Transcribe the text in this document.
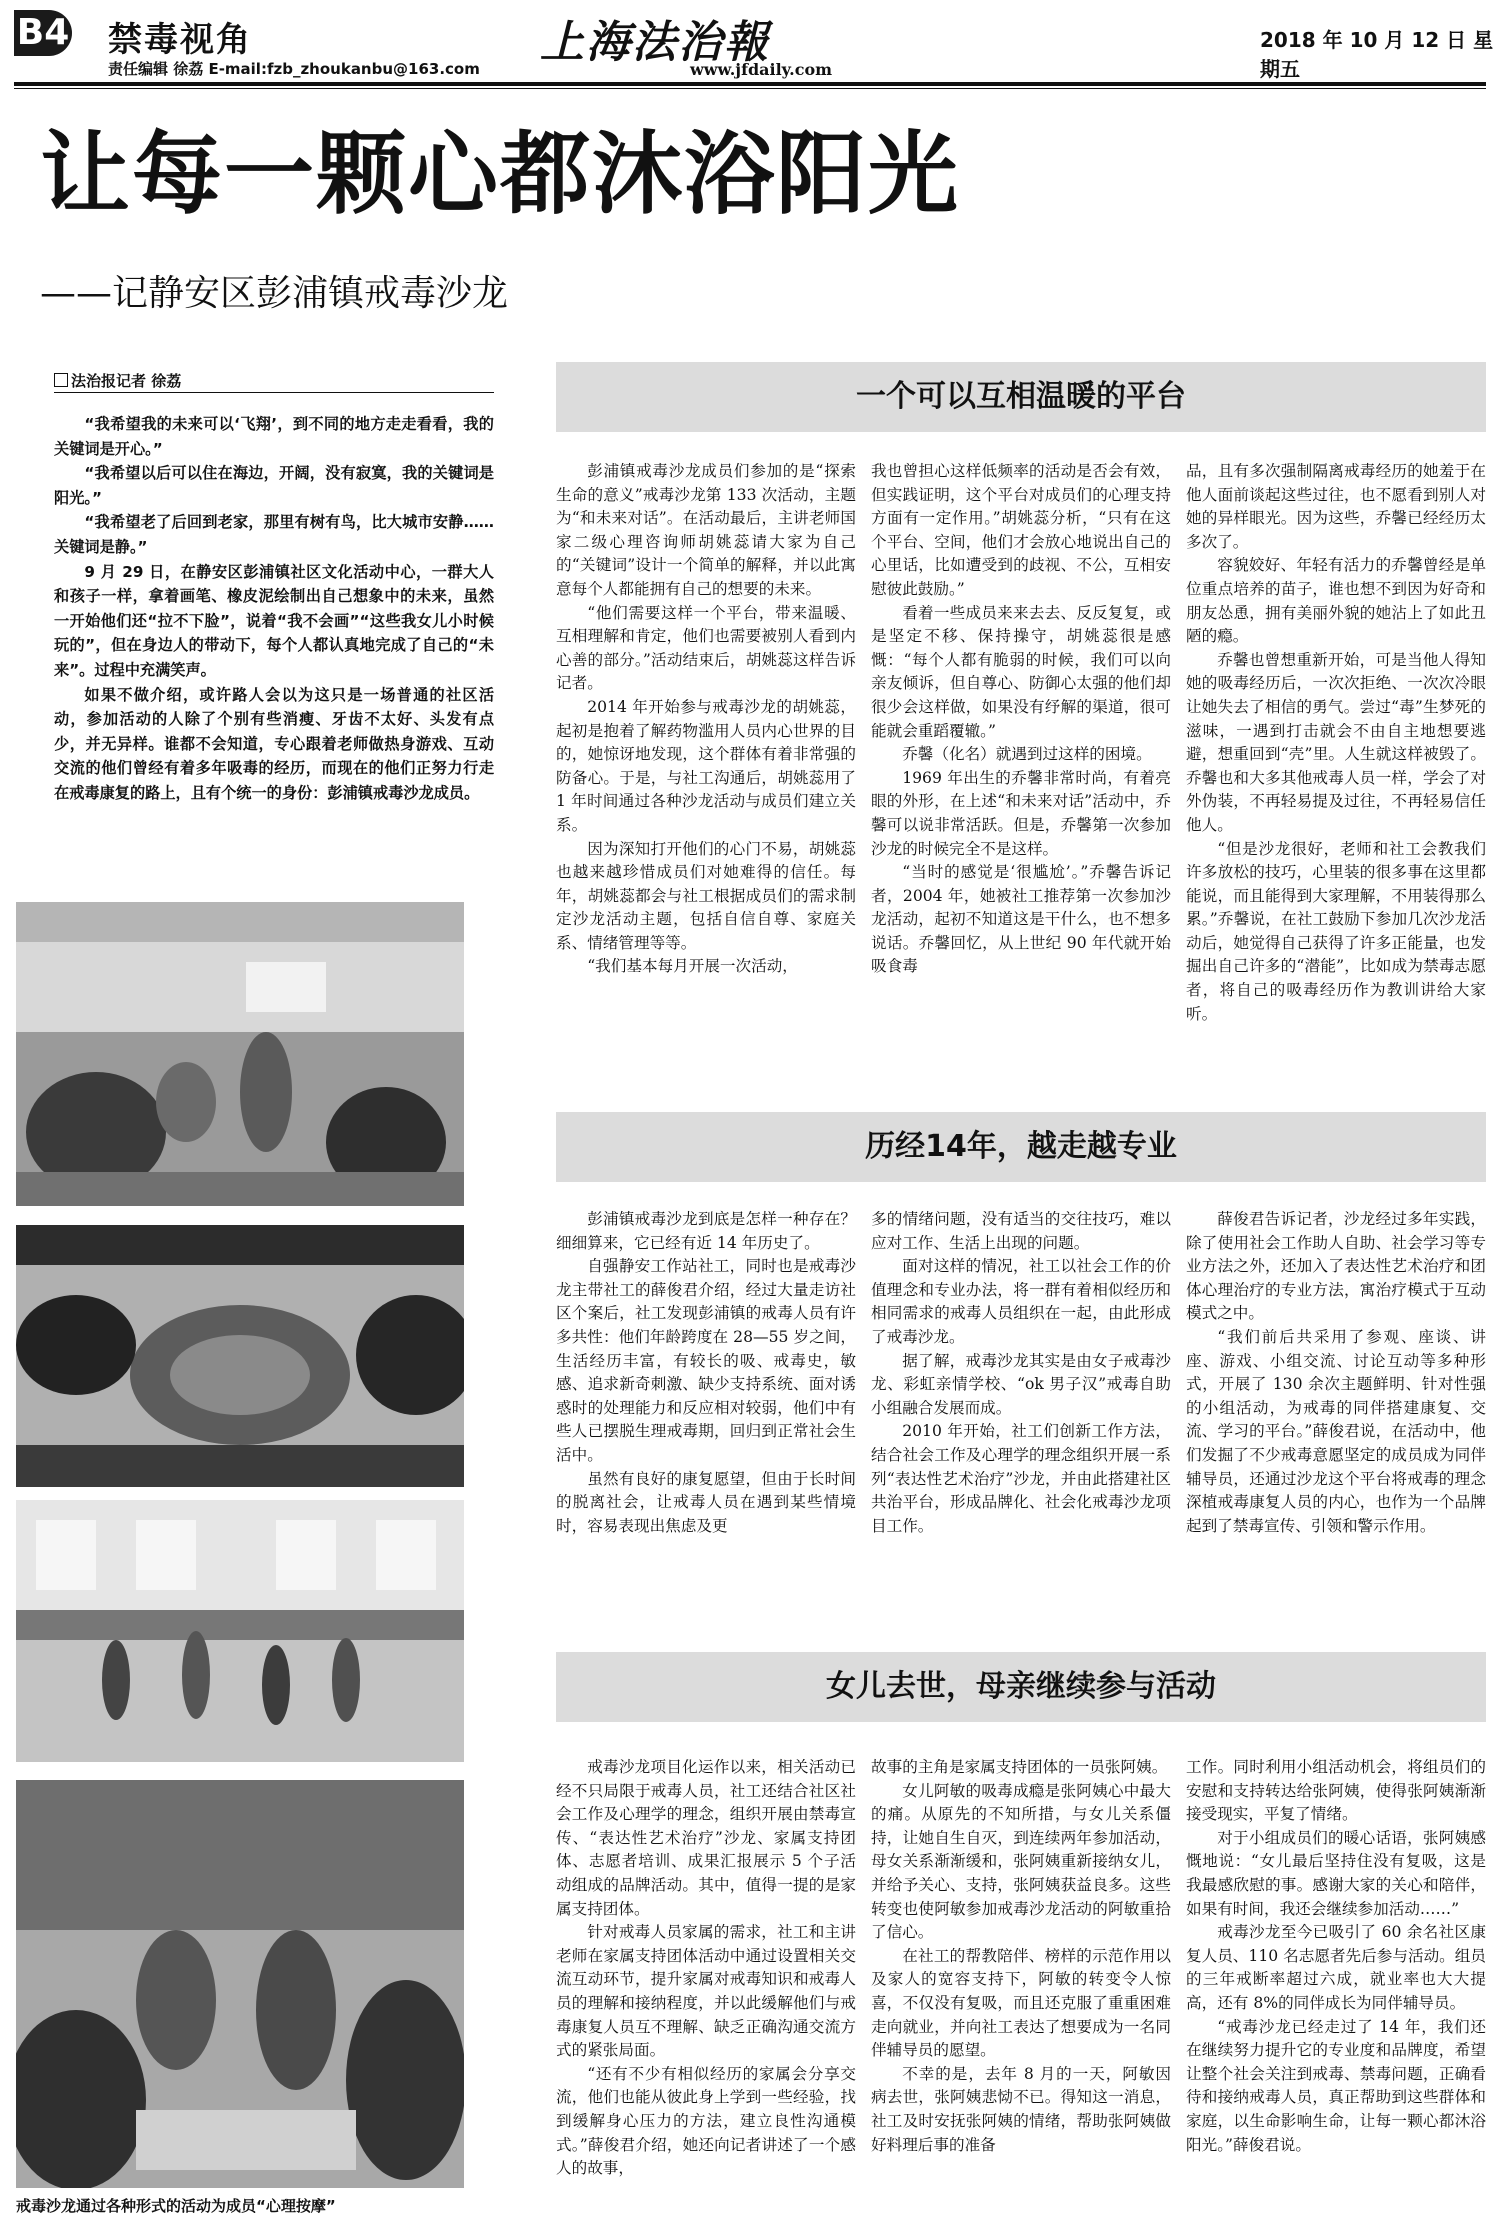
B4 禁毒视角
责任编辑 徐荔 E-mail:fzb_zhoukanbu@163.com
上海法治報
www.jfdaily.com
2018 年 10 月 12 日 星期五
让每一颗心都沐浴阳光
——记静安区彭浦镇戒毒沙龙
法治报记者 徐荔

“我希望我的未来可以‘飞翔’，到不同的地方走走看看，我的关键词是开心。”

“我希望以后可以住在海边，开阔，没有寂寞，我的关键词是阳光。”

“我希望老了后回到老家，那里有树有鸟，比大城市安静……关键词是静。”

9 月 29 日，在静安区彭浦镇社区文化活动中心，一群大人和孩子一样，拿着画笔、橡皮泥绘制出自己想象中的未来，虽然一开始他们还“拉不下脸”，说着“我不会画”“这些我女儿小时候玩的”，但在身边人的带动下，每个人都认真地完成了自己的“未来”。过程中充满笑声。

如果不做介绍，或许路人会以为这只是一场普通的社区活动，参加活动的人除了个别有些消瘦、牙齿不太好、头发有点少，并无异样。谁都不会知道，专心跟着老师做热身游戏、互动交流的他们曾经有着多年吸毒的经历，而现在的他们正努力行走在戒毒康复的路上，且有个统一的身份：彭浦镇戒毒沙龙成员。

戒毒沙龙通过各种形式的活动为成员“心理按摩”
一个可以互相温暖的平台

彭浦镇戒毒沙龙成员们参加的是“探索生命的意义”戒毒沙龙第 133 次活动，主题为“和未来对话”。在活动最后，主讲老师国家二级心理咨询师胡姚蕊请大家为自己的“关键词”设计一个简单的解释，并以此寓意每个人都能拥有自己的想要的未来。

“他们需要这样一个平台，带来温暖、互相理解和肯定，他们也需要被别人看到内心善的部分。”活动结束后，胡姚蕊这样告诉记者。

2014 年开始参与戒毒沙龙的胡姚蕊，起初是抱着了解药物滥用人员内心世界的目的，她惊讶地发现，这个群体有着非常强的防备心。于是，与社工沟通后，胡姚蕊用了 1 年时间通过各种沙龙活动与成员们建立关系。

因为深知打开他们的心门不易，胡姚蕊也越来越珍惜成员们对她难得的信任。每年，胡姚蕊都会与社工根据成员们的需求制定沙龙活动主题，包括自信自尊、家庭关系、情绪管理等等。

“我们基本每月开展一次活动，

我也曾担心这样低频率的活动是否会有效，但实践证明，这个平台对成员们的心理支持方面有一定作用。”胡姚蕊分析，“只有在这个平台、空间，他们才会放心地说出自己的心里话，比如遭受到的歧视、不公，互相安慰彼此鼓励。”

看着一些成员来来去去、反反复复，或是坚定不移、保持操守，胡姚蕊很是感慨：“每个人都有脆弱的时候，我们可以向亲友倾诉，但自尊心、防御心太强的他们却很少会这样做，如果没有纾解的渠道，很可能就会重蹈覆辙。”

乔馨（化名）就遇到过这样的困境。

1969 年出生的乔馨非常时尚，有着亮眼的外形，在上述“和未来对话”活动中，乔馨可以说非常活跃。但是，乔馨第一次参加沙龙的时候完全不是这样。

“当时的感觉是‘很尴尬’。”乔馨告诉记者，2004 年，她被社工推荐第一次参加沙龙活动，起初不知道这是干什么，也不想多说话。乔馨回忆，从上世纪 90 年代就开始吸食毒

品，且有多次强制隔离戒毒经历的她羞于在他人面前谈起这些过往，也不愿看到别人对她的异样眼光。因为这些，乔馨已经经历太多次了。

容貌姣好、年轻有活力的乔馨曾经是单位重点培养的苗子，谁也想不到因为好奇和朋友怂恿，拥有美丽外貌的她沾上了如此丑陋的瘾。

乔馨也曾想重新开始，可是当他人得知她的吸毒经历后，一次次拒绝、一次次冷眼让她失去了相信的勇气。尝过“毒”生梦死的滋味，一遇到打击就会不由自主地想要逃避，想重回到“壳”里。人生就这样被毁了。乔馨也和大多其他戒毒人员一样，学会了对外伪装，不再轻易提及过往，不再轻易信任他人。

“但是沙龙很好，老师和社工会教我们许多放松的技巧，心里装的很多事在这里都能说，而且能得到大家理解，不用装得那么累。”乔馨说，在社工鼓励下参加几次沙龙活动后，她觉得自己获得了许多正能量，也发掘出自己许多的“潜能”，比如成为禁毒志愿者，将自己的吸毒经历作为教训讲给大家听。

历经14年，越走越专业

彭浦镇戒毒沙龙到底是怎样一种存在？细细算来，它已经有近 14 年历史了。

自强静安工作站社工，同时也是戒毒沙龙主带社工的薛俊君介绍，经过大量走访社区个案后，社工发现彭浦镇的戒毒人员有许多共性：他们年龄跨度在 28—55 岁之间，生活经历丰富，有较长的吸、戒毒史，敏感、追求新奇刺激、缺少支持系统、面对诱惑时的处理能力和反应相对较弱，他们中有些人已摆脱生理戒毒期，回归到正常社会生活中。

虽然有良好的康复愿望，但由于长时间的脱离社会，让戒毒人员在遇到某些情境时，容易表现出焦虑及更

多的情绪问题，没有适当的交往技巧，难以应对工作、生活上出现的问题。

面对这样的情况，社工以社会工作的价值理念和专业办法，将一群有着相似经历和相同需求的戒毒人员组织在一起，由此形成了戒毒沙龙。

据了解，戒毒沙龙其实是由女子戒毒沙龙、彩虹亲情学校、“ok 男子汉”戒毒自助小组融合发展而成。

2010 年开始，社工们创新工作方法，结合社会工作及心理学的理念组织开展一系列“表达性艺术治疗”沙龙，并由此搭建社区共治平台，形成品牌化、社会化戒毒沙龙项目工作。

薛俊君告诉记者，沙龙经过多年实践，除了使用社会工作助人自助、社会学习等专业方法之外，还加入了表达性艺术治疗和团体心理治疗的专业方法，寓治疗模式于互动模式之中。

“我们前后共采用了参观、座谈、讲座、游戏、小组交流、讨论互动等多种形式，开展了 130 余次主题鲜明、针对性强的小组活动，为戒毒的同伴搭建康复、交流、学习的平台。”薛俊君说，在活动中，他们发掘了不少戒毒意愿坚定的成员成为同伴辅导员，还通过沙龙这个平台将戒毒的理念深植戒毒康复人员的内心，也作为一个品牌起到了禁毒宣传、引领和警示作用。

女儿去世，母亲继续参与活动

戒毒沙龙项目化运作以来，相关活动已经不只局限于戒毒人员，社工还结合社区社会工作及心理学的理念，组织开展由禁毒宣传、“表达性艺术治疗”沙龙、家属支持团体、志愿者培训、成果汇报展示 5 个子活动组成的品牌活动。其中，值得一提的是家属支持团体。

针对戒毒人员家属的需求，社工和主讲老师在家属支持团体活动中通过设置相关交流互动环节，提升家属对戒毒知识和戒毒人员的理解和接纳程度，并以此缓解他们与戒毒康复人员互不理解、缺乏正确沟通交流方式的紧张局面。

“还有不少有相似经历的家属会分享交流，他们也能从彼此身上学到一些经验，找到缓解身心压力的方法，建立良性沟通模式。”薛俊君介绍，她还向记者讲述了一个感人的故事，

故事的主角是家属支持团体的一员张阿姨。

女儿阿敏的吸毒成瘾是张阿姨心中最大的痛。从原先的不知所措，与女儿关系僵持，让她自生自灭，到连续两年参加活动，母女关系渐渐缓和，张阿姨重新接纳女儿，并给予关心、支持，张阿姨获益良多。这些转变也使阿敏参加戒毒沙龙活动的阿敏重拾了信心。

在社工的帮教陪伴、榜样的示范作用以及家人的宽容支持下，阿敏的转变令人惊喜，不仅没有复吸，而且还克服了重重困难走向就业，并向社工表达了想要成为一名同伴辅导员的愿望。

不幸的是，去年 8 月的一天，阿敏因病去世，张阿姨悲恸不已。得知这一消息，社工及时安抚张阿姨的情绪，帮助张阿姨做好料理后事的准备

工作。同时利用小组活动机会，将组员们的安慰和支持转达给张阿姨，使得张阿姨渐渐接受现实，平复了情绪。

对于小组成员们的暖心话语，张阿姨感慨地说：“女儿最后坚持住没有复吸，这是我最感欣慰的事。感谢大家的关心和陪伴，如果有时间，我还会继续参加活动……”

戒毒沙龙至今已吸引了 60 余名社区康复人员、110 名志愿者先后参与活动。组员的三年戒断率超过六成，就业率也大大提高，还有 8%的同伴成长为同伴辅导员。

“戒毒沙龙已经走过了 14 年，我们还在继续努力提升它的专业度和品牌度，希望让整个社会关注到戒毒、禁毒问题，正确看待和接纳戒毒人员，真正帮助到这些群体和家庭，以生命影响生命，让每一颗心都沐浴阳光。”薛俊君说。
